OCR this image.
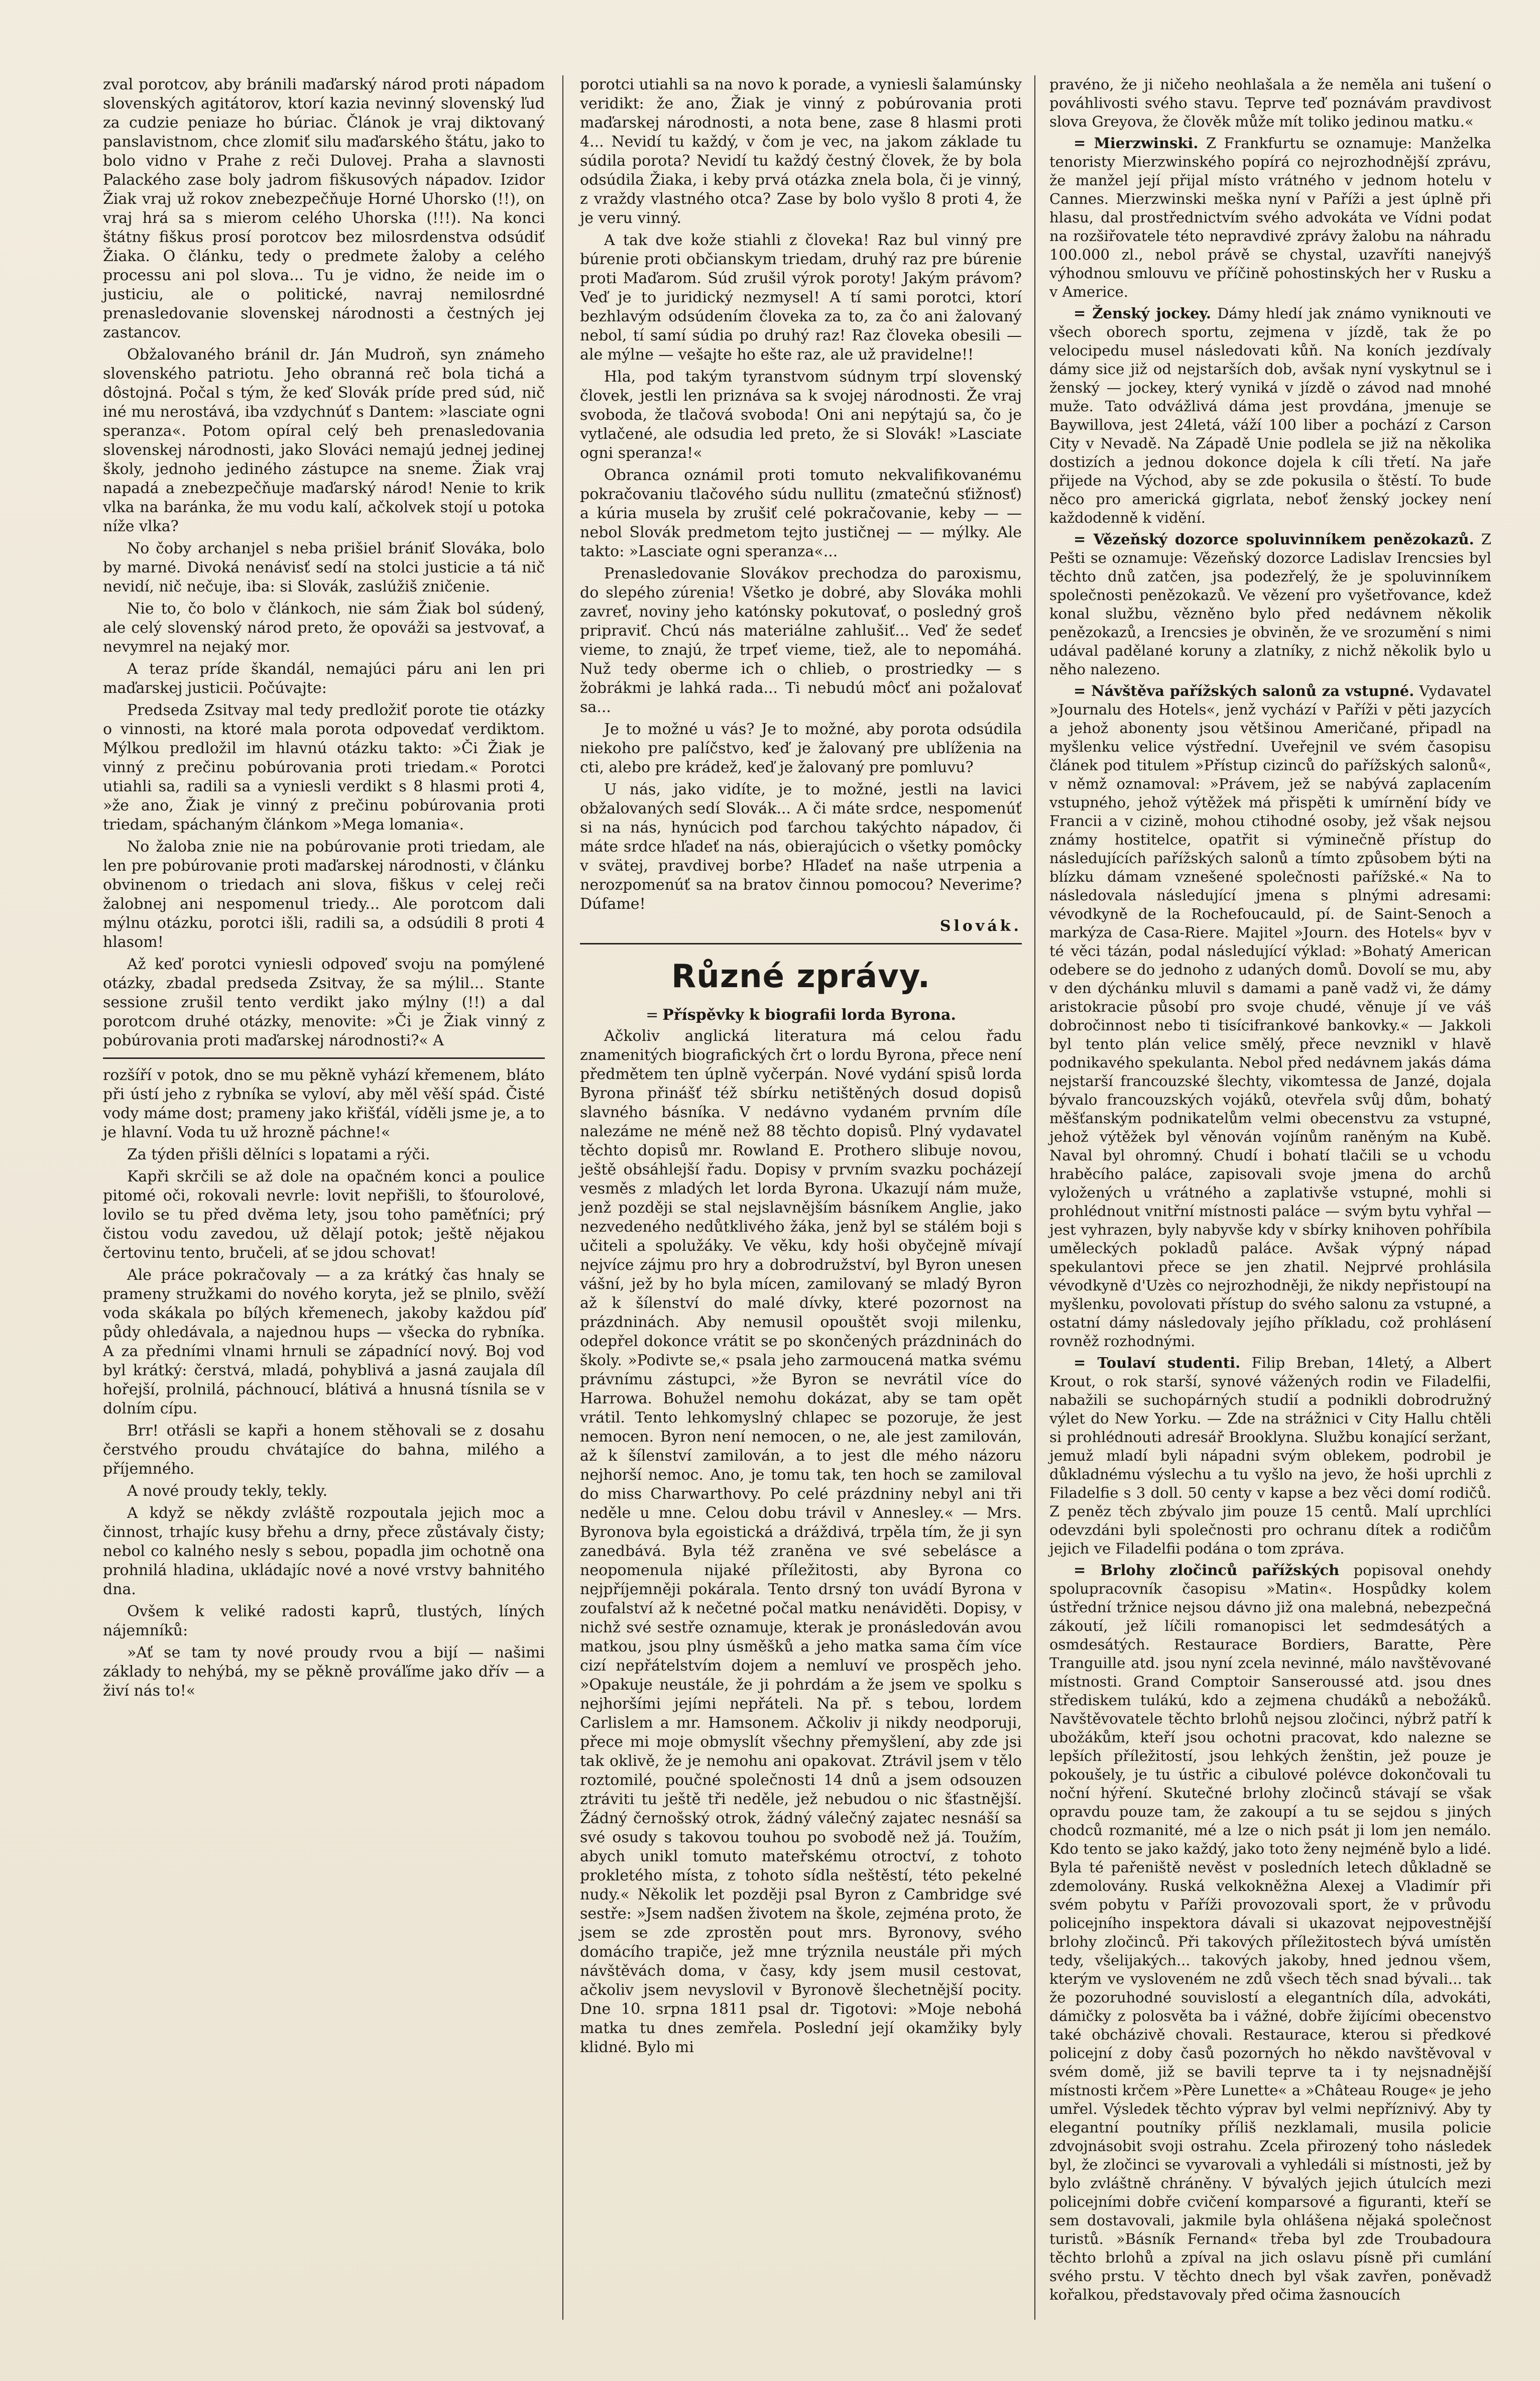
zval porotcov, aby bránili maďarský národ proti nápadom slovenských agitátorov, ktorí kazia nevinný slovenský ľud za cudzie peniaze ho búriac. Článok je vraj diktovaný panslavistnom, chce zlomiť silu maďarského štátu, jako to bolo vidno v Prahe z reči Dulovej. Praha a slavnosti Palackého zase boly jadrom fiškusových nápadov. Izidor Žiak vraj už rokov znebezpečňuje Horné Uhorsko (!!), on vraj hrá sa s mierom celého Uhorska (!!!). Na konci štátny fiškus prosí porotcov bez milosrdenstva odsúdiť Žiaka. O článku, tedy o predmete žaloby a celého processu ani pol slova... Tu je vidno, že neide im o justiciu, ale o politické, navraj nemilosrdné prenasledovanie slovenskej národnosti a čestných jej zastancov.

Obžalovaného bránil dr. Ján Mudroň, syn známeho slovenského patriotu. Jeho obranná reč bola tichá a dôstojná. Počal s tým, že keď Slovák príde pred súd, nič iné mu nerostává, iba vzdychnúť s Dantem: »lasciate ogni speranza«. Potom opíral celý beh prenasledovania slovenskej národnosti, jako Slováci nemajú jednej jedinej školy, jednoho jediného zástupce na sneme. Žiak vraj napadá a znebezpečňuje maďarský národ! Nenie to krik vlka na baránka, že mu vodu kalí, ačkolvek stojí u potoka níže vlka?

No čoby archanjel s neba prišiel brániť Slováka, bolo by marné. Divoká nenávisť sedí na stolci justicie a tá nič nevidí, nič nečuje, iba: si Slovák, zaslúžiš zničenie.

Nie to, čo bolo v článkoch, nie sám Žiak bol súdený, ale celý slovenský národ preto, že opováži sa jestvovať, a nevymrel na nejaký mor.

A teraz príde škandál, nemajúci páru ani len pri maďarskej justicii. Počúvajte:

Predseda Zsitvay mal tedy predložiť porote tie otázky o vinnosti, na ktoré mala porota odpovedať verdiktom. Mýlkou predložil im hlavnú otázku takto: »Či Žiak je vinný z prečinu pobúrovania proti triedam.« Porotci utiahli sa, radili sa a vyniesli verdikt s 8 hlasmi proti 4, »že ano, Žiak je vinný z prečinu pobúrovania proti triedam, spáchaným článkom »Mega lomania«.

No žaloba znie nie na pobúrovanie proti triedam, ale len pre pobúrovanie proti maďarskej národnosti, v článku obvinenom o triedach ani slova, fiškus v celej reči žalobnej ani nespomenul triedy... Ale porotcom dali mýlnu otázku, porotci išli, radili sa, a odsúdili 8 proti 4 hlasom!

Až keď porotci vyniesli odpoveď svoju na pomýlené otázky, zbadal predseda Zsitvay, že sa mýlil... Stante sessione zrušil tento verdikt jako mýlny (!!) a dal porotcom druhé otázky, menovite: »Či je Žiak vinný z pobúrovania proti maďarskej národnosti?« A

rozšíří v potok, dno se mu pěkně vyhází křemenem, bláto při ústí jeho z rybníka se vyloví, aby měl věší spád. Čisté vody máme dost; prameny jako křišťál, víděli jsme je, a to je hlavní. Voda tu už hrozně páchne!«

Za týden přišli dělníci s lopatami a rýči.

Kapři skrčili se až dole na opačném konci a poulice pitomé oči, rokovali nevrle: lovit nepřišli, to šťourolové, lovilo se tu před dvěma lety, jsou toho paměťníci; prý čistou vodu zavedou, už dělají potok; ještě nějakou čertovinu tento, bručeli, ať se jdou schovat!

Ale práce pokračovaly — a za krátký čas hnaly se prameny stružkami do nového koryta, jež se plnilo, svěží voda skákala po bílých křemenech, jakoby každou píď půdy ohledávala, a najednou hups — všecka do rybníka. A za předními vlnami hrnuli se západnící nový. Boj vod byl krátký: čerstvá, mladá, pohyblivá a jasná zaujala díl hořejší, prolnilá, páchnoucí, blátivá a hnusná tísnila se v dolním cípu.

Brr! otřásli se kapři a honem stěhovali se z dosahu čerstvého proudu chvátajíce do bahna, milého a příjemného.

A nové proudy tekly, tekly.

A když se někdy zvláště rozpoutala jejich moc a činnost, trhajíc kusy břehu a drny, přece zůstávaly čisty; nebol co kalného nesly s sebou, popadla jim ochotně ona prohnilá hladina, ukládajíc nové a nové vrstvy bahnitého dna.

Ovšem k veliké radosti kaprů, tlustých, líných nájemníků:

»Ať se tam ty nové proudy rvou a bijí — našimi základy to nehýbá, my se pěkně prováľíme jako dřív — a živí nás to!«

porotci utiahli sa na novo k porade, a vyniesli šalamúnsky veridikt: že ano, Žiak je vinný z pobúrovania proti maďarskej národnosti, a nota bene, zase 8 hlasmi proti 4... Nevidí tu každý, v čom je vec, na jakom základe tu súdila porota? Nevidí tu každý čestný človek, že by bola odsúdila Žiaka, i keby prvá otázka znela bola, či je vinný, z vraždy vlastného otca? Zase by bolo vyšlo 8 proti 4, že je veru vinný.

A tak dve kože stiahli z človeka! Raz bul vinný pre búrenie proti občianskym triedam, druhý raz pre búrenie proti Maďarom. Súd zrušil výrok poroty! Jakým právom? Veď je to juridický nezmysel! A tí sami porotci, ktorí bezhlavým odsúdením človeka za to, za čo ani žalovaný nebol, tí samí súdia po druhý raz! Raz človeka obesili — ale mýlne — vešajte ho ešte raz, ale už pravidelne!!

Hla, pod takým tyranstvom súdnym trpí slovenský človek, jestli len priznáva sa k svojej národnosti. Že vraj svoboda, že tlačová svoboda! Oni ani nepýtajú sa, čo je vytlačené, ale odsudia led preto, že si Slovák! »Lasciate ogni speranza!«

Obranca oznámil proti tomuto nekvalifikovanému pokračovaniu tlačového súdu nullitu (zmatečnú sťižnosť) a kúria musela by zrušiť celé pokračovanie, keby — — nebol Slovák predmetom tejto justičnej — — mýlky. Ale takto: »Lasciate ogni speranza«...

Prenasledovanie Slovákov prechodza do paroxismu, do slepého zúrenia! Všetko je dobré, aby Slováka mohli zavreť, noviny jeho katónsky pokutovať, o posledný groš pripraviť. Chcú nás materiálne zahlušiť... Veď že sedeť vieme, to znajú, že trpeť vieme, tiež, ale to nepomáhá. Nuž tedy oberme ich o chlieb, o prostriedky — s žobrákmi je lahká rada... Ti nebudú môcť ani požalovať sa...

Je to možné u vás? Je to možné, aby porota odsúdila niekoho pre palíčstvo, keď je žalovaný pre ublíženia na cti, alebo pre krádež, keď je žalovaný pre pomluvu?

U nás, jako vidíte, je to možné, jestli na lavici obžalovaných sedí Slovák... A či máte srdce, nespomenúť si na nás, hynúcich pod ťarchou takýchto nápadov, či máte srdce hľadeť na nás, obierajúcich o všetky pomôcky v svätej, pravdivej borbe? Hľadeť na naše utrpenia a nerozpomenúť sa na bratov činnou pomocou? Neverime? Dúfame!

Slovák.

Různé zprávy.
= Příspěvky k biografii lorda Byrona.

Ačkoliv anglická literatura má celou řadu znamenitých biografických črt o lordu Byrona, přece není předmětem ten úplně vyčerpán. Nové vydání spisů lorda Byrona přinášť též sbírku netištěných dosud dopisů slavného básníka. V nedávno vydaném prvním díle nalezáme ne méně než 88 těchto dopisů. Plný vydavatel těchto dopisů mr. Rowland E. Prothero slibuje novou, ještě obsáhlejší řadu. Dopisy v prvním svazku pocházejí vesměs z mladých let lorda Byrona. Ukazují nám muže, jenž později se stal nejslavnějším básníkem Anglie, jako nezvedeného nedůtklivého žáka, jenž byl se stálém boji s učiteli a spolužáky. Ve věku, kdy hoši obyčejně mívají nejvíce zájmu pro hry a dobrodružství, byl Byron unesen vášní, jež by ho byla mícen, zamilovaný se mladý Byron až k šílenství do malé dívky, které pozornost na prázdninách. Aby nemusil opouštět svoji milenku, odepřel dokonce vrátit se po skončených prázdninách do školy. »Podivte se,« psala jeho zarmoucená matka svému právnímu zástupci, »že Byron se nevrátil více do Harrowa. Bohužel nemohu dokázat, aby se tam opět vrátil. Tento lehkomyslný chlapec se pozoruje, že jest nemocen. Byron není nemocen, o ne, ale jest zamilován, až k šílenství zamilován, a to jest dle mého názoru nejhorší nemoc. Ano, je tomu tak, ten hoch se zamiloval do miss Charwarthovy. Po celé prázdniny nebyl ani tři neděle u mne. Celou dobu trávil v Annesley.« — Mrs. Byronova byla egoistická a dráždivá, trpěla tím, že ji syn zanedbává. Byla též zraněna ve své sebelásce a neopomenula nijaké příležitosti, aby Byrona co nejpříjemněji pokárala. Tento drsný ton uvádí Byrona v zoufalství až k nečetné počal matku nenáviděti. Dopisy, v nichž své sestře oznamuje, kterak je pronásledován avou matkou, jsou plny úsměšků a jeho matka sama čím více cizí nepřátelstvím dojem a nemluví ve prospěch jeho. »Opakuje neustále, že ji pohrdám a že jsem ve spolku s nejhoršími jejími nepřáteli. Na př. s tebou, lordem Carlislem a mr. Hamsonem. Ačkoliv ji nikdy neodporuji, přece mi moje obmyslít všechny přemyšlení, aby zde jsi tak oklivě, že je nemohu ani opakovat. Ztrávil jsem v tělo roztomilé, poučné společnosti 14 dnů a jsem odsouzen ztráviti tu ještě tři neděle, jež nebudou o nic šťastnější. Žádný černošský otrok, žádný válečný zajatec nesnáší sa své osudy s takovou touhou po svobodě než já. Toužím, abych unikl tomuto mateřskému otroctví, z tohoto prokletého místa, z tohoto sídla neštěstí, této pekelné nudy.« Několik let později psal Byron z Cambridge své sestře: »Jsem nadšen životem na škole, zejména proto, že jsem se zde zprostěn pout mrs. Byronovy, svého domácího trapiče, jež mne trýznila neustále při mých návštěvách doma, v časy, kdy jsem musil cestovat, ačkoliv jsem nevyslovil v Byronově šlechetnější pocity. Dne 10. srpna 1811 psal dr. Tigotovi: »Moje nebohá matka tu dnes zemřela. Poslední její okamžiky byly klidné. Bylo mi

pravéno, že ji ničeho neohlašala a že neměla ani tušení o pováhlivosti svého stavu. Teprve teď poznávám pravdivost slova Greyova, že člověk může mít toliko jedinou matku.«

= Mierzwinski. Z Frankfurtu se oznamuje: Manželka tenoristy Mierzwinského popírá co nejrozhodnější zprávu, že manžel její přijal místo vrátného v jednom hotelu v Cannes. Mierzwinski meška nyní v Paříži a jest úplně při hlasu, dal prostřednictvím svého advokáta ve Vídni podat na rozšiřovatele této nepravdivé zprávy žalobu na náhradu 100.000 zl., nebol právě se chystal, uzavříti nanejvýš výhodnou smlouvu ve příčině pohostinských her v Rusku a v Americe.

= Ženský jockey. Dámy hledí jak známo vyniknouti ve všech oborech sportu, zejmena v jízdě, tak že po velocipedu musel následovati kůň. Na koních jezdívaly dámy sice již od nejstarších dob, avšak nyní vyskytnul se i ženský — jockey, který vyniká v jízdě o závod nad mnohé muže. Tato odvážlivá dáma jest provdána, jmenuje se Baywillova, jest 24letá, váží 100 liber a pochází z Carson City v Nevadě. Na Západě Unie podlela se již na několika dostizích a jednou dokonce dojela k cíli třetí. Na jaře přijede na Východ, aby se zde pokusila o štěstí. To bude něco pro americká gigrlata, neboť ženský jockey není každodenně k vidění.

= Vězeňský dozorce spoluvinníkem penězokazů. Z Pešti se oznamuje: Vězeňský dozorce Ladislav Irencsies byl těchto dnů zatčen, jsa podezřelý, že je spoluvinníkem společnosti penězokazů. Ve vězení pro vyšetřovance, kdež konal službu, vězněno bylo před nedávnem několik penězokazů, a Irencsies je obviněn, že ve srozumění s nimi udával padělané koruny a zlatníky, z nichž několik bylo u něho nalezeno.

= Návštěva pařížských salonů za vstupné. Vydavatel »Journalu des Hotels«, jenž vychází v Paříži v pěti jazycích a jehož abonenty jsou většinou Američané, připadl na myšlenku velice výstřední. Uveřejnil ve svém časopisu článek pod titulem »Přístup cizinců do pařížských salonů«, v němž oznamoval: »Právem, jež se nabývá zaplacením vstupného, jehož výtěžek má přispěti k umírnění bídy ve Francii a v cizině, mohou ctihodné osoby, jež však nejsou známy hostitelce, opatřit si výminečně přístup do následujících pařížských salonů a tímto způsobem býti na blízku dámam vznešené společnosti pařížské.« Na to následovala následující jmena s plnými adresami: vévodkyně de la Rochefoucauld, pí. de Saint-Senoch a markýza de Casa-Riere. Majitel »Journ. des Hotels« byv v té věci tázán, podal následující výklad: »Bohatý American odebere se do jednoho z udaných domů. Dovolí se mu, aby v den dýchánku mluvil s damami a paně vadž vi, že dámy aristokracie působí pro svoje chudé, věnuje jí ve váš dobročinnost nebo ti tisícifrankové bankovky.« — Jakkoli byl tento plán velice smělý, přece nevznikl v hlavě podnikavého spekulanta. Nebol před nedávnem jakás dáma nejstarší francouzské šlechty, vikomtessa de Janzé, dojala bývalo francouzských vojáků, otevřela svůj dům, bohatý měšťanským podnikatelům velmi obecenstvu za vstupné, jehož výtěžek byl věnován vojínům raněným na Kubě. Naval byl ohromný. Chudí i bohatí tlačili se u vchodu hraběcího paláce, zapisovali svoje jmena do archů vyložených u vrátného a zaplativše vstupné, mohli si prohlédnout vnitřní místnosti paláce — svým bytu vyhřal — jest vyhrazen, byly nabyvše kdy v sbírky knihoven pohříbila uměleckých pokladů paláce. Avšak výpný nápad spekulantovi přece se jen zhatil. Nejprvé prohlásila vévodkyně d'Uzès co nejrozhodněji, že nikdy nepřistoupí na myšlenku, povolovati přístup do svého salonu za vstupné, a ostatní dámy následovaly jejího příkladu, což prohlásení rovněž rozhodnými.

= Toulaví studenti. Filip Breban, 14letý, a Albert Krout, o rok starší, synové vážených rodin ve Filadelfii, nabažili se suchopárných studií a podnikli dobrodružný výlet do New Yorku. — Zde na strážnici v City Hallu chtěli si prohlédnouti adresář Brooklyna. Službu konající seržant, jemuž mladí byli nápadni svým oblekem, podrobil je důkladnému výslechu a tu vyšlo na jevo, že hoši uprchli z Filadelfie s 3 doll. 50 centy v kapse a bez věci domí rodičů. Z peněz těch zbývalo jim pouze 15 centů. Malí uprchlíci odevzdáni byli společnosti pro ochranu dítek a rodičům jejich ve Filadelfii podána o tom zpráva.

= Brlohy zločinců pařížských popisoval onehdy spolupracovník časopisu »Matin«. Hospůdky kolem ústřední tržnice nejsou dávno již ona malebná, nebezpečná zákoutí, jež líčili romanopisci let sedmdesátých a osmdesátých. Restaurace Bordiers, Baratte, Père Tranguille atd. jsou nyní zcela nevinné, málo navštěvované místnosti. Grand Comptoir Sanseroussé atd. jsou dnes střediskem tulákú, kdo a zejmena chudáků a nebožáků. Navštěvovatele těchto brlohů nejsou zločinci, nýbrž patří k ubožákům, kteří jsou ochotni pracovat, kdo nalezne se lepších příležitostí, jsou lehkých ženštin, jež pouze je pokoušely, je tu ústřic a cibulové polévce dokončovali tu noční hýření. Skutečné brlohy zločinců stávají se však opravdu pouze tam, že zakoupí a tu se sejdou s jiných chodců rozmanité, mé a lze o nich psát ji lom jen nemálo. Kdo tento se jako každý, jako toto ženy nejméně bylo a lidé. Byla té pařeniště nevěst v posledních letech důkladně se zdemolovány. Ruská velkokněžna Alexej a Vladimír při svém pobytu v Paříži provozovali sport, že v průvodu policejního inspektora dávali si ukazovat nejpovestnější brlohy zločinců. Při takových příležitostech bývá umístěn tedy, všelijakých... takových jakoby, hned jednou všem, kterým ve vysloveném ne zdů všech těch snad bývali... tak že pozoruhodné souvislostí a elegantních díla, advokáti, dámičky z polosvěta ba i vážné, dobře žijícími obecenstvo také obcházivě chovali. Restaurace, kterou si předkové policejní z doby časů pozorných ho někdo navštěvoval v svém domě, již se bavili teprve ta i ty nejsnadnější místnosti krčem »Père Lunette« a »Château Rouge« je jeho umřel. Výsledek těchto výprav byl velmi nepříznivý. Aby ty elegantní poutníky příliš nezklamali, musila policie zdvojnásobit svoji ostrahu. Zcela přirozený toho následek byl, že zločinci se vyvarovali a vyhledáli si místnosti, jež by bylo zvláštně chráněny. V bývalých jejich útulcích mezi policejními dobře cvičení komparsové a figuranti, kteří se sem dostavovali, jakmile byla ohlášena nějaká společnost turistů. »Básník Fernand« třeba byl zde Troubadoura těchto brlohů a zpíval na jich oslavu písně při cumlání svého prstu. V těchto dnech byl však zavřen, poněvadž kořalkou, představovaly před očima žasnoucích
